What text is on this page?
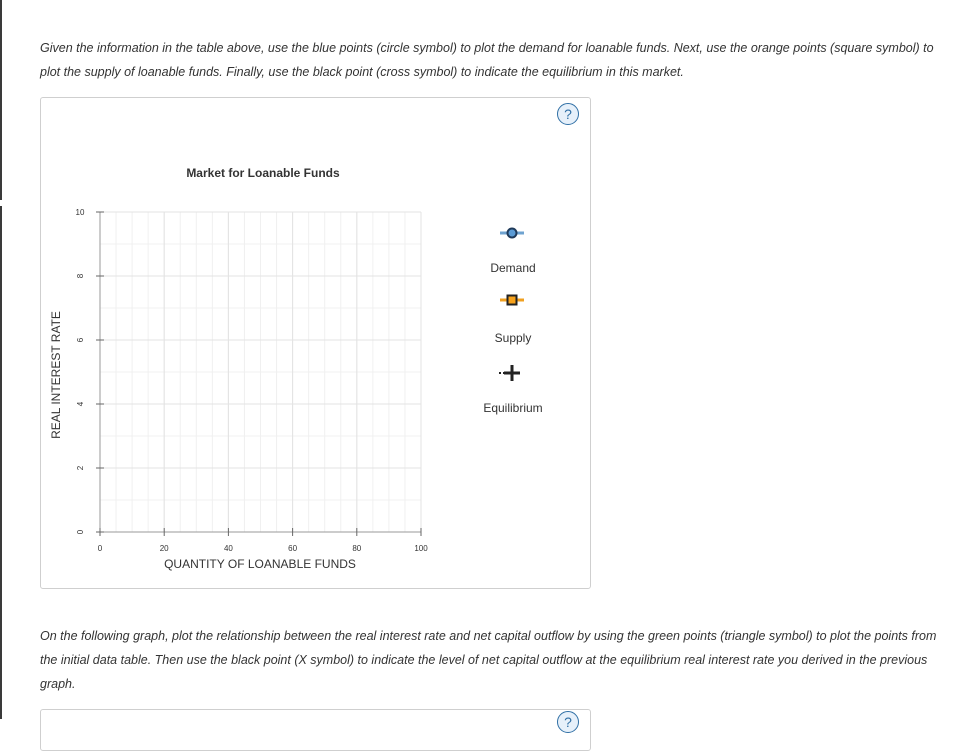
Given the information in the table above, use the blue points (circle symbol) to plot the demand for loanable funds. Next, use the orange points (square symbol) to plot the supply of loanable funds. Finally, use the black point (cross symbol) to indicate the equilibrium in this market.

?
Market for Loanable Funds
0
2
4
6
8
10
0	20	40	60	80	100
QUANTITY OF LOANABLE FUNDS
REAL INTEREST RATE
Demand
Supply
Equilibrium

On the following graph, plot the relationship between the real interest rate and net capital outflow by using the green points (triangle symbol) to plot the points from the initial data table. Then use the black point (X symbol) to indicate the level of net capital outflow at the equilibrium real interest rate you derived in the previous graph.

?
